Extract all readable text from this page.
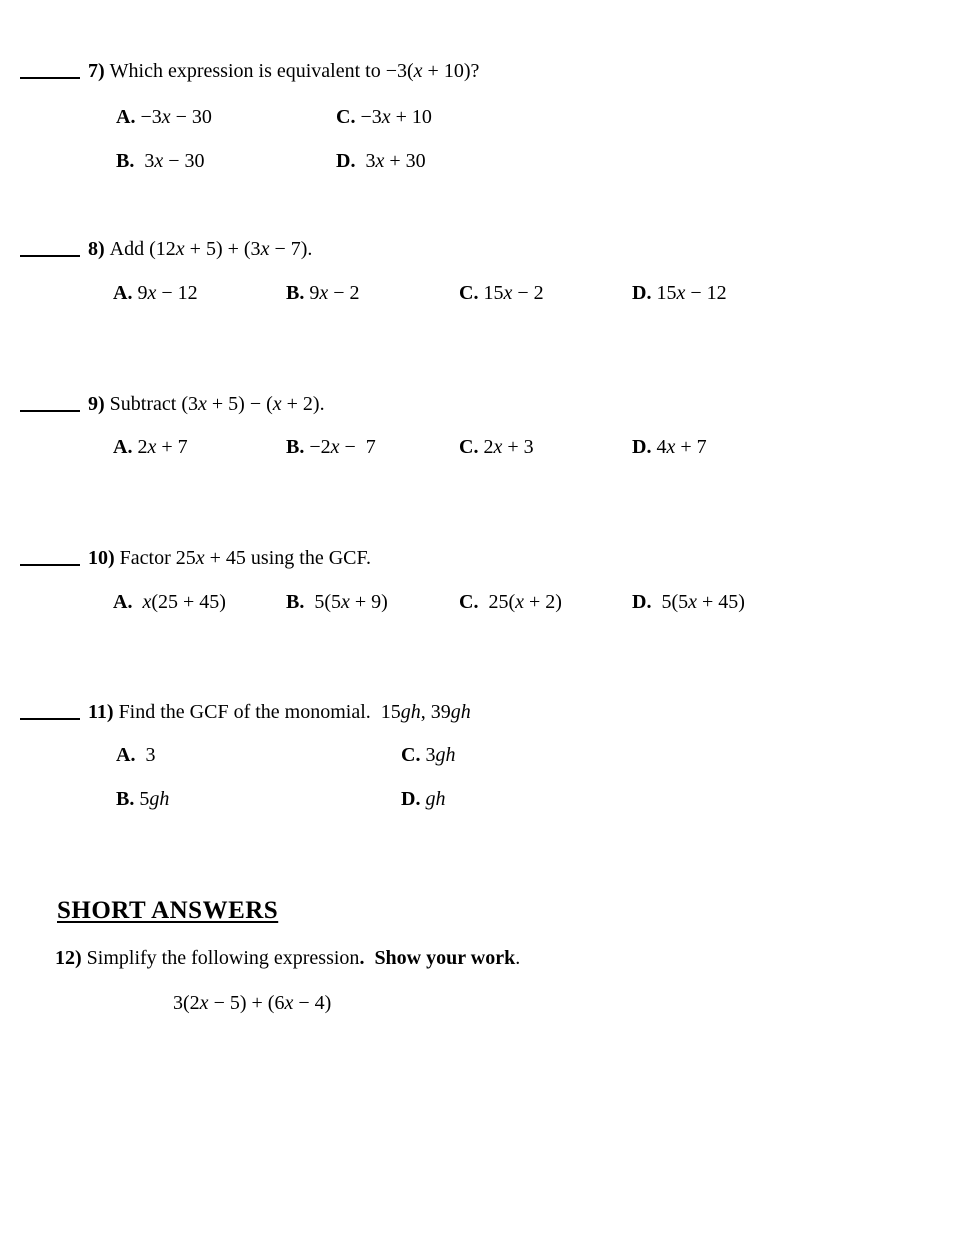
7) Which expression is equivalent to −3(x + 10)?
A. −3x − 30	C. −3x + 10
B.  3x − 30	D.  3x + 30
8) Add (12x + 5) + (3x − 7).
A. 9x − 12	B. 9x − 2	C. 15x − 2	D. 15x − 12
9) Subtract (3x + 5) − (x + 2).
A. 2x + 7	B. −2x −  7	C. 2x + 3	D. 4x + 7
10) Factor 25x + 45 using the GCF.
A.  x(25 + 45)	B.  5(5x + 9)	C.  25(x + 2)	D.  5(5x + 45)
11) Find the GCF of the monomial.  15gh, 39gh
A.  3	C. 3gh
B. 5gh	D. gh
SHORT ANSWERS
12) Simplify the following expression. Show your work.
3(2x − 5) + (6x − 4)
